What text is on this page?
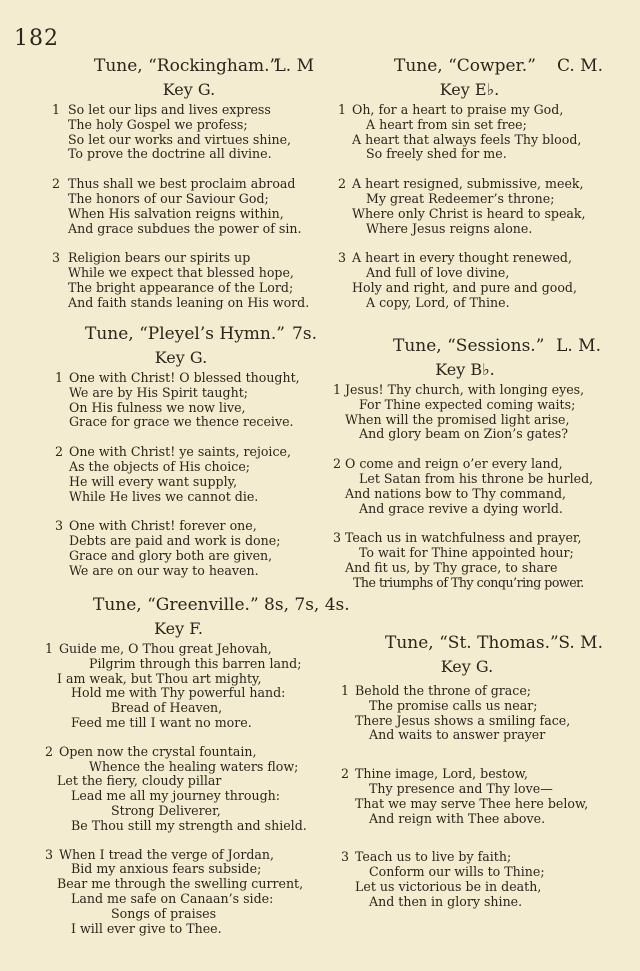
182
Tune, “Rockingham.”
L. M
Key G.
1 So let our lips and lives express
The holy Gospel we profess;
So let our works and virtues shine,
To prove the doctrine all divine.
2 Thus shall we best proclaim abroad
The honors of our Saviour God;
When His salvation reigns within,
And grace subdues the power of sin.
3 Religion bears our spirits up
While we expect that blessed hope,
The bright appearance of the Lord;
And faith stands leaning on His word.
Tune, “Pleyel’s Hymn.” 7s.
Key G.
1 One with Christ! O blessed thought,
We are by His Spirit taught;
On His fulness we now live,
Grace for grace we thence receive.
2 One with Christ! ye saints, rejoice,
As the objects of His choice;
He will every want supply,
While He lives we cannot die.
3 One with Christ! forever one,
Debts are paid and work is done;
Grace and glory both are given,
We are on our way to heaven.
Tune, “Greenville.” 8s, 7s, 4s.
Key F.
1 Guide me, O Thou great Jehovah,
Pilgrim through this barren land;
I am weak, but Thou art mighty,
Hold me with Thy powerful hand:
Bread of Heaven,
Feed me till I want no more.
2 Open now the crystal fountain,
Whence the healing waters flow;
Let the fiery, cloudy pillar
Lead me all my journey through:
Strong Deliverer,
Be Thou still my strength and shield.
3 When I tread the verge of Jordan,
Bid my anxious fears subside;
Bear me through the swelling current,
Land me safe on Canaan’s side:
Songs of praises
I will ever give to Thee.
Tune, “Cowper.” C. M.
Key E♭.
1 Oh, for a heart to praise my God,
A heart from sin set free;
A heart that always feels Thy blood,
So freely shed for me.
2 A heart resigned, submissive, meek,
My great Redeemer’s throne;
Where only Christ is heard to speak,
Where Jesus reigns alone.
3 A heart in every thought renewed,
And full of love divine,
Holy and right, and pure and good,
A copy, Lord, of Thine.
Tune, “Sessions.” L. M.
Key B♭.
1 Jesus! Thy church, with longing eyes,
For Thine expected coming waits;
When will the promised light arise,
And glory beam on Zion’s gates?
2 O come and reign o’er every land,
Let Satan from his throne be hurled,
And nations bow to Thy command,
And grace revive a dying world.
3 Teach us in watchfulness and prayer,
To wait for Thine appointed hour;
And fit us, by Thy grace, to share
The triumphs of Thy conqu’ring power.
Tune, “St. Thomas.” S. M.
Key G.
1 Behold the throne of grace;
The promise calls us near;
There Jesus shows a smiling face,
And waits to answer prayer
2 Thine image, Lord, bestow,
Thy presence and Thy love—
That we may serve Thee here below,
And reign with Thee above.
3 Teach us to live by faith;
Conform our wills to Thine;
Let us victorious be in death,
And then in glory shine.
